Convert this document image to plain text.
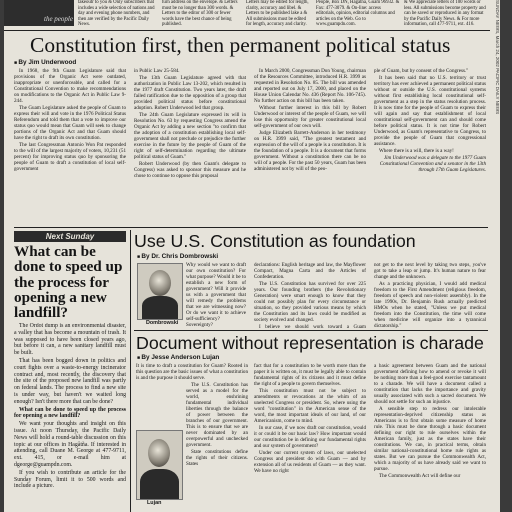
the people
takeoutr to you & Only subscribers that includes a wide selection of nations and day and evening phone numbers, and then are verified by the Pacific Daily News.
turn address on the envelope. & Letters must be no longer than 300 words. & Letters to the editor of 300 or fewer words have the best chance of being published.
Letters may be edited for length, clarity, accuracy and libel. & Letters to be published lake a & All submissions must be edited for length, accuracy and clarity.
People, Box DN, Hagatna, Guam 96932. & Fax: 477-3079. & On-line: access editorials, opinion, editorial columns and articles on the Web. Go to www.guampdn.com.
& We appreciate letters of 100 words or less. All submissions become property and can be saved or reproduced in any format by the Pacific Daily News. & For more information, call 477-9711, ext. 416.	SUNDAY NEWS, March 24, 2002 PACIFIC DAILY NEWS
Constitution first, then permanent political status
■ By Jim Underwood

In 1968, the 9th Guam Legislature said that provisions of the Organic Act were outdated, inappropriate or unenforceable, and called for a Constitutional Convention to make recommendations on modifications to the Organic Act in Public Law 9-244.

The Guam Legislature asked the people of Guam to express their will and vote in the 1976 Political Status Referendum and told them that a vote to improve our status quo would mean that Guam will seek to change portions of the Organic Act and that Guam should have the right to draft its own constitution.

The last Congressman Antonio Won Pat responded to the will of the largest majority of voters, 10,231 (51 percent) for improving status quo by sponsoring the people of Guam to draft a constitution of local self-government

in Public Law 25-584.

The 13th Guam Legislature agreed with that authorization in Public Law 13-202, which resulted in the 1977 draft Constitution. Two years later, the draft failed ratification due to the opposition of a group that provided political status before constitutional adoption. Robert Underwood led that group.

The 24th Guam Legislature expressed its will in Resolution No. 63 by requesting Congress amend the Organic Act by adding a new section "to confirm that the adoption of a constitution establishing local self-government shall not preclude or prejudice the further exercise in the future by the people of Guam of the right of self-determination regarding the ultimate political status of Guam."

Robert Underwood (by then Guam's delegate to Congress) was asked to sponsor this measure and he chose to continue to oppose this proposal

In March 2000, Congressman Don Young, chairman of the Resources Committee, introduced H.R. 3999 as requested in Resolution No. 85. The bill was amended and reported out on July 17, 2000, and placed on the House Union Calendar No. 436 (Report No. 106-745). No further action on this bill has been taken.

Without further interest in this bill by Robert Underwood or interest of the people of Guam, we will lose this opportunity for greater constitutional local self-government of our own will.

Judge Elizabeth Barrett-Anderson in her testimony on H.R. 3999 said, "The greatest testament and expression of the will of a people is a constitution. It is the foundation of a people. It is a document that forms government. Without a constitution there can be no will of a people. For the past 50 years, Guam has been administered not by will of the peo-

ple of Guam, but by consent of the Congress."

It has been said that no U.S. territory or trust territory has ever achieved a permanent political status without or outside the U.S. constitutional systems without first establishing local constitutional self-government as a step in the status resolution process. It is now time for the people of Guam to express their will again and say that establishment of local constitutional self-government can and should come before political status. It is not time for Robert Underwood, as Guam's representative to Congress, to provide the people of Guam that congressional assistance.

Where there is a will, there is a way!

Jim Underwood was a delegate to the 1977 Guam Constitutional Convention and a senator in the 13th through 17th Guam Legislatures.

Next Sunday
What can be done to speed up the process for opening a new landfill?

The Ordot dump is an environmental disaster, a valley that has become a mountain of trash. It was supposed to have been closed years ago, but before it can, a new sanitary landfill must be built.

That has been bogged down in politics and court fights over a waste-to-energy incinerator contract and, most recently, the discovery that the site of the proposed new landfill was partly on federal lands. The process to find a new site is under way, but haven't we waited long enough? Isn't there more that can be done?

What can be done to speed up the process for opening a new landfill?

We want your thoughts and insight on this issue. At noon Thursday, the Pacific Daily News will hold a round-table discussion on this topic at our offices in Hagåtña. If interested in attending, call Duane M. George at 477-9711, ext. 415, or e-mail him at dgeorge@guampdn.com.

If you wish to contribute an article for the Sunday Forum, limit it to 500 words and include a picture.

Use U.S. Constitution as foundation
■ By Dr. Chris Dombrowski
Dombrowski

Why would we want to draft our own constitution? For what purpose? Would it be to establish a new form of government? Will it provide us with a government that will remedy the problems that we are witnessing now? Or do we want it to achieve self-sufficiency? Sovereignty?

declarations: English heritage and law, the Mayflower Compact, Magna Carta and the Articles of Confederation.

The U.S. Constitution has survived for over 225 years. Our founding brothers (the Revolutionary Generation) were smart enough to know that they could not possibly plan for every circumstance or situation, so they provided various means by which the Constitution and its laws could be modified as society evolved and changed.

I believe we should work toward a Guam

not get to the next level by taking two steps, you've got to take a leap or jump. It's human nature to fear change and the unknown.

As a practicing physician, I would add medical freedom to the First Amendment (religious freedom, freedom of speech and non-violent assembly). In the late 1990s, Dr. Benjamin Rush actually predicted HMOs when he stated, "Unless we put medical freedom into the Constitution, the time will come when medicine will organize into a tyrannical dictatorship."

Document without representation is charade
■ By Jesse Anderson Lujan

It is time to draft a constitution for Guam? Rooted in this question are the basic issues of what a constitution is and the purpose it should serve.

The U.S. Constitution has served as a model for the world, enshrining fundamental individual liberties through the balance of power between the branches of our government. This is to ensure that we are never dominated by an overpowerful and unchecked government.

State constitutions define the rights of their citizens. States

Lujan

fact that for a constitution to be worth more than the paper it is written on, it must be legally able to contain fundamental rights of its citizens and it must define the right of a people to govern themselves.

This constitution must not be subject to amendments or revocations at the whim of an unelected Congress or president. So, where using the word "constitution" in the American sense of the word, the most important ideals of our land, of our Americanism, come to mind.

In our case, if we now draft our constitution, would it or could it be our basic law? How important would our constitution be in defining our fundamental rights and our system of government?

Under our current system of laws, our unelected Congress and president do with Guam — and by extension all of us residents of Guam — as they want. We have no right

a basic agreement between Guam and the national government defining how to amend or revoke it will be nothing more than a feel-good exercise tantamount to a charade. We will have a document called a constitution that lacks the importance and gravity usually associated with such a sacred document. We should not settle for such an injustice.

A sensible step to redress our intolerable representation-deprived citizenship status as Americans is to first obtain some measure of home rule. This must be done through a basic document defining our right to rule ourselves within the American family, just as the states have their constitutions. We can, in practical terms, obtain similar national-constitutional home rule rights as states. But we can pursue the Commonwealth Act, which a majority of us have already said we want to pursue.

The Commonwealth Act will define our
